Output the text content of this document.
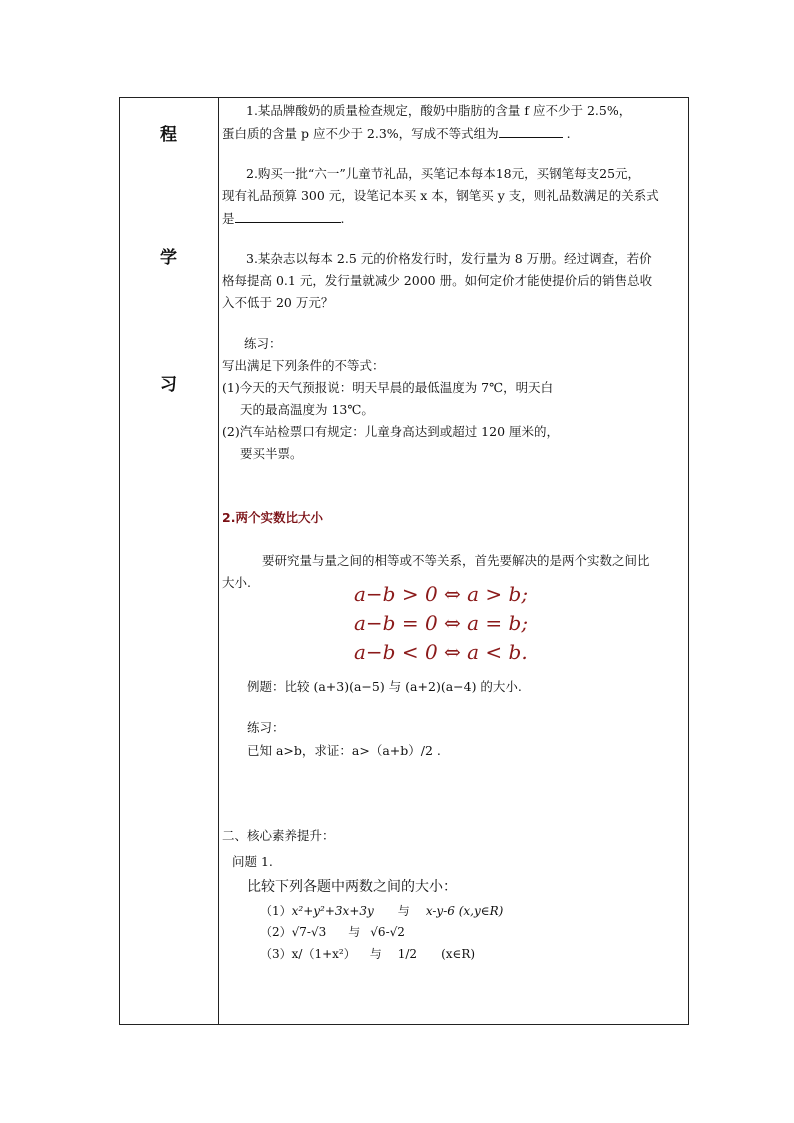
程
学
习
1.某品牌酸奶的质量检查规定，酸奶中脂肪的含量 f 应不少于 2.5%，
蛋白质的含量 p 应不少于 2.3%，写成不等式组为	.
2.购买一批“六一”儿童节礼品，买笔记本每本18元，买钢笔每支25元，
现有礼品预算 300 元，设笔记本买 x 本，钢笔买 y 支，则礼品数满足的关系式
是	.
3.某杂志以每本 2.5 元的价格发行时，发行量为 8 万册。经过调查，若价
格每提高 0.1 元，发行量就减少 2000 册。如何定价才能使提价后的销售总收
入不低于 20 万元？
练习：
写出满足下列条件的不等式：
(1)今天的天气预报说：明天早晨的最低温度为 7℃，明天白
天的最高温度为 13℃。
(2)汽车站检票口有规定：儿童身高达到或超过 120 厘米的，
要买半票。
2.两个实数比大小
要研究量与量之间的相等或不等关系，首先要解决的是两个实数之间比
大小.	a−b > 0 ⇔ a > b;
a−b = 0 ⇔ a = b;
a−b < 0 ⇔ a < b.
例题：比较 (a+3)(a−5) 与 (a+2)(a−4) 的大小.
练习：
已知 a>b，求证：a>（a+b）/2 .
二、核心素养提升：
问题 1.
比较下列各题中两数之间的大小：
（1）x²+y²+3x+3y 与 x-y-6 (x,y∈R)
（2）√7-√3 与 √6-√2
（3）x/（1+x²） 与 1/2 (x∈R)
